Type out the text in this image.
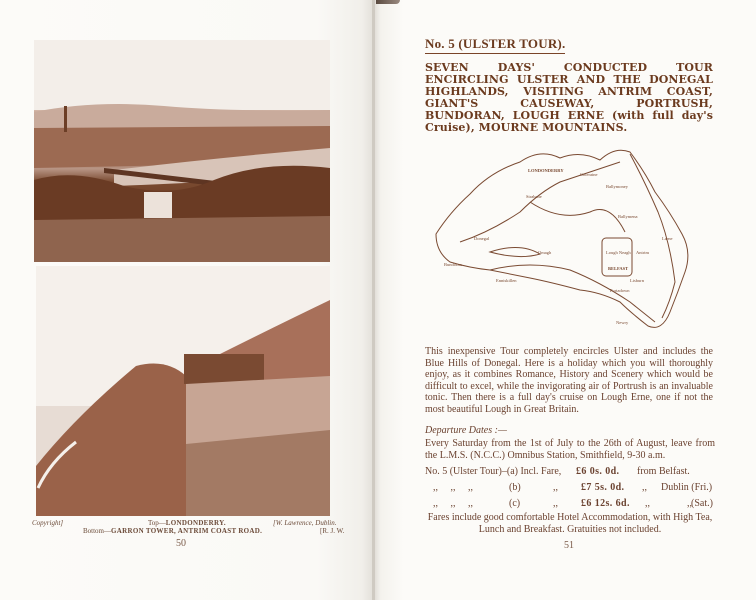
Copyright]	Top—LONDONDERRY.	[W. Lawrence, Dublin.
Bottom—GARRON TOWER, ANTRIM COAST ROAD.	[R. J. W.
50
No. 5 (ULSTER TOUR).
SEVEN DAYS' CONDUCTED TOUR ENCIRCLING ULSTER AND THE DONEGAL HIGHLANDS, VISITING ANTRIM COAST, GIANT'S CAUSEWAY, PORTRUSH, BUNDORAN, LOUGH ERNE (with full day's Cruise), MOURNE MOUNTAINS.
LONDONDERRY
BELFAST
Ballymena
Ballymoney
Omagh
Enniskillen
Bundoran
Donegal
Strabane
Portadown
Lisburn
Newry
Larne
Coleraine
Antrim
Lough Neagh
This inexpensive Tour completely encircles Ulster and includes the Blue Hills of Donegal. Here is a holiday which you will thoroughly enjoy, as it combines Romance, History and Scenery which would be difficult to excel, while the invigorating air of Portrush is an invaluable tonic. Then there is a full day's cruise on Lough Erne, one if not the most beautiful Lough in Great Britain.
Departure Dates :—
Every Saturday from the 1st of July to the 26th of August, leave from the L.M.S. (N.C.C.) Omnibus Station, Smithfield, 9-30 a.m.
No. 5 (Ulster Tour)–(a) Incl. Fare, £6 0s. 0d. from Belfast.
,,     ,,     ,,	(b)	,, £7 5s. 0d. ,, Dublin (Fri.)
,,     ,,     ,,	(c)	,, £6 12s. 6d. ,,	,, (Sat.)
Fares include good comfortable Hotel Accommodation, with High Tea, Lunch and Breakfast. Gratuities not included.
51
